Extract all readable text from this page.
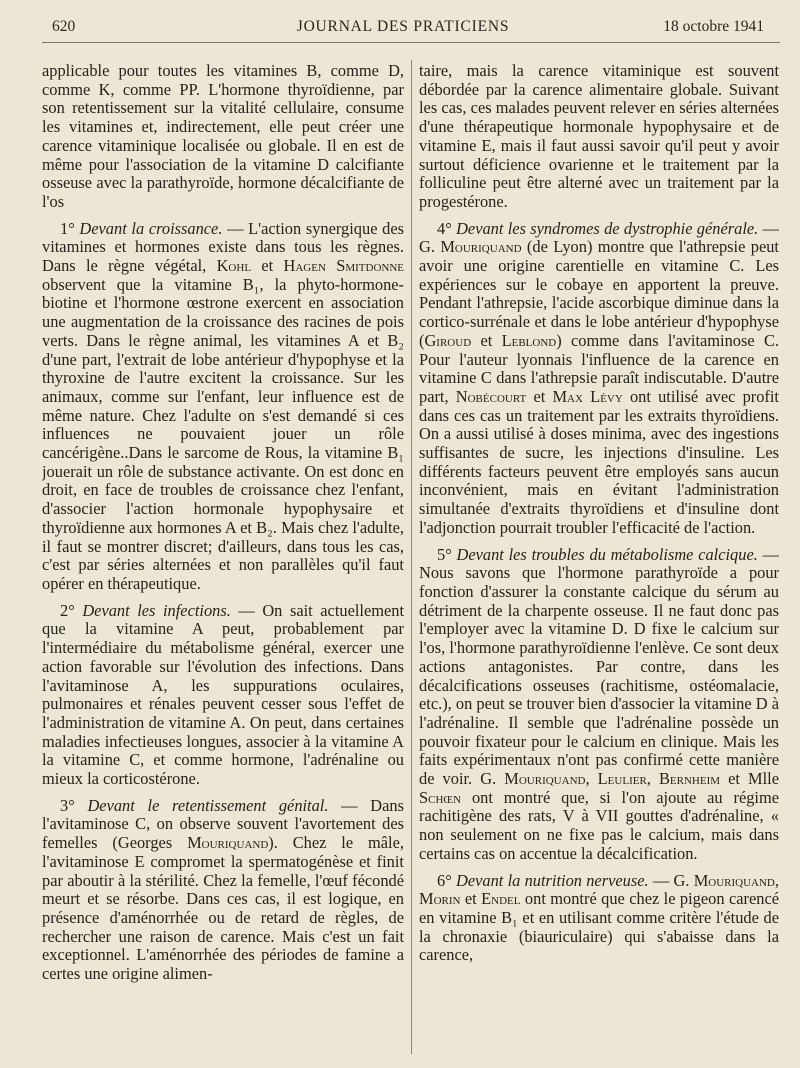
620	JOURNAL DES PRATICIENS	18 octobre 1941

applicable pour toutes les vitamines B, comme D, comme K, comme PP. L'hormone thyroïdienne, par son retentissement sur la vitalité cellulaire, consume les vitamines et, indirectement, elle peut créer une carence vitaminique localisée ou globale. Il en est de même pour l'association de la vitamine D calcifiante osseuse avec la parathyroïde, hormone décalcifiante de l'os

1° Devant la croissance. — L'action synergique des vitamines et hormones existe dans tous les règnes. Dans le règne végétal, Kohl et Hagen Smitdonne observent que la vitamine B₁, la phyto-hormone-biotine et l'hormone œstrone exercent en association une augmentation de la croissance des racines de pois verts. Dans le règne animal, les vitamines A et B₂ d'une part, l'extrait de lobe antérieur d'hypophyse et la thyroxine de l'autre excitent la croissance. Sur les animaux, comme sur l'enfant, leur influence est de même nature. Chez l'adulte on s'est demandé si ces influences ne pouvaient jouer un rôle cancérigène..Dans le sarcome de Rous, la vitamine B₁ jouerait un rôle de substance activante. On est donc en droit, en face de troubles de croissance chez l'enfant, d'associer l'action hormonale hypophysaire et thyroïdienne aux hormones A et B₂. Mais chez l'adulte, il faut se montrer discret; d'ailleurs, dans tous les cas, c'est par séries alternées et non parallèles qu'il faut opérer en thérapeutique.

2° Devant les infections. — On sait actuellement que la vitamine A peut, probablement par l'intermédiaire du métabolisme général, exercer une action favorable sur l'évolution des infections. Dans l'avitaminose A, les suppurations oculaires, pulmonaires et rénales peuvent cesser sous l'effet de l'administration de vitamine A. On peut, dans certaines maladies infectieuses longues, associer à la vitamine A la vitamine C, et comme hormone, l'adrénaline ou mieux la corticostérone.

3° Devant le retentissement génital. — Dans l'avitaminose C, on observe souvent l'avortement des femelles (Georges Mouriquand). Chez le mâle, l'avitaminose E compromet la spermatogénèse et finit par aboutir à la stérilité. Chez la femelle, l'œuf fécondé meurt et se résorbe. Dans ces cas, il est logique, en présence d'aménorrhée ou de retard de règles, de rechercher une raison de carence. Mais c'est un fait exceptionnel. L'aménorrhée des périodes de famine a certes une origine alimen-

taire, mais la carence vitaminique est souvent débordée par la carence alimentaire globale. Suivant les cas, ces malades peuvent relever en séries alternées d'une thérapeutique hormonale hypophysaire et de vitamine E, mais il faut aussi savoir qu'il peut y avoir surtout déficience ovarienne et le traitement par la folliculine peut être alterné avec un traitement par la progestérone.

4° Devant les syndromes de dystrophie générale. — G. Mouriquand (de Lyon) montre que l'athrepsie peut avoir une origine carentielle en vitamine C. Les expériences sur le cobaye en apportent la preuve. Pendant l'athrepsie, l'acide ascorbique diminue dans la cortico-surrénale et dans le lobe antérieur d'hypophyse (Giroud et Leblond) comme dans l'avitaminose C. Pour l'auteur lyonnais l'influence de la carence en vitamine C dans l'athrepsie paraît indiscutable. D'autre part, Nobécourt et Max Lévy ont utilisé avec profit dans ces cas un traitement par les extraits thyroïdiens. On a aussi utilisé à doses minima, avec des ingestions suffisantes de sucre, les injections d'insuline. Les différents facteurs peuvent être employés sans aucun inconvénient, mais en évitant l'administration simultanée d'extraits thyroïdiens et d'insuline dont l'adjonction pourrait troubler l'efficacité de l'action.

5° Devant les troubles du métabolisme calcique. — Nous savons que l'hormone parathyroïde a pour fonction d'assurer la constante calcique du sérum au détriment de la charpente osseuse. Il ne faut donc pas l'employer avec la vitamine D. D fixe le calcium sur l'os, l'hormone parathyroïdienne l'enlève. Ce sont deux actions antagonistes. Par contre, dans les décalcifications osseuses (rachitisme, ostéomalacie, etc.), on peut se trouver bien d'associer la vitamine D à l'adrénaline. Il semble que l'adrénaline possède un pouvoir fixateur pour le calcium en clinique. Mais les faits expérimentaux n'ont pas confirmé cette manière de voir. G. Mouriquand, Leulier, Bernheim et Mlle Schœn ont montré que, si l'on ajoute au régime rachitigène des rats, V à VII gouttes d'adrénaline, « non seulement on ne fixe pas le calcium, mais dans certains cas on accentue la décalcification.

6° Devant la nutrition nerveuse. — G. Mouriquand, Morin et Endel ont montré que chez le pigeon carencé en vitamine B₁ et en utilisant comme critère l'étude de la chronaxie (biauriculaire) qui s'abaisse dans la carence,
